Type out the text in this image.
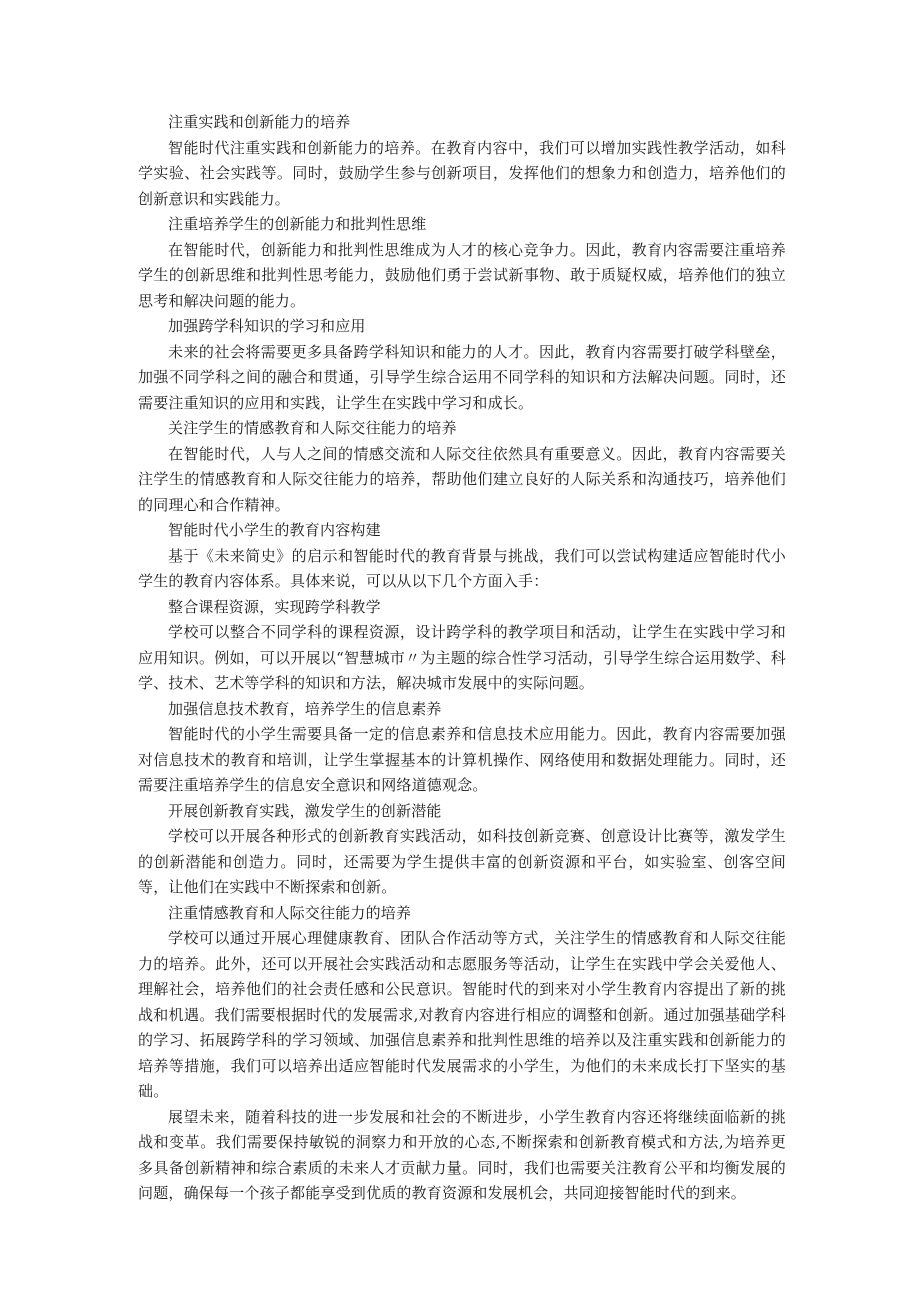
注重实践和创新能力的培养

智能时代注重实践和创新能力的培养。在教育内容中，我们可以增加实践性教学活动，如科学实验、社会实践等。同时，鼓励学生参与创新项目，发挥他们的想象力和创造力，培养他们的创新意识和实践能力。

注重培养学生的创新能力和批判性思维

在智能时代，创新能力和批判性思维成为人才的核心竞争力。因此，教育内容需要注重培养学生的创新思维和批判性思考能力，鼓励他们勇于尝试新事物、敢于质疑权威，培养他们的独立思考和解决问题的能力。

加强跨学科知识的学习和应用

未来的社会将需要更多具备跨学科知识和能力的人才。因此，教育内容需要打破学科壁垒，加强不同学科之间的融合和贯通，引导学生综合运用不同学科的知识和方法解决问题。同时，还需要注重知识的应用和实践，让学生在实践中学习和成长。

关注学生的情感教育和人际交往能力的培养

在智能时代，人与人之间的情感交流和人际交往依然具有重要意义。因此，教育内容需要关注学生的情感教育和人际交往能力的培养，帮助他们建立良好的人际关系和沟通技巧，培养他们的同理心和合作精神。

智能时代小学生的教育内容构建

基于《未来简史》的启示和智能时代的教育背景与挑战，我们可以尝试构建适应智能时代小学生的教育内容体系。具体来说，可以从以下几个方面入手：

整合课程资源，实现跨学科教学

学校可以整合不同学科的课程资源，设计跨学科的教学项目和活动，让学生在实践中学习和应用知识。例如，可以开展以“智慧城市〃为主题的综合性学习活动，引导学生综合运用数学、科学、技术、艺术等学科的知识和方法，解决城市发展中的实际问题。

加强信息技术教育，培养学生的信息素养

智能时代的小学生需要具备一定的信息素养和信息技术应用能力。因此，教育内容需要加强对信息技术的教育和培训，让学生掌握基本的计算机操作、网络使用和数据处理能力。同时，还需要注重培养学生的信息安全意识和网络道德观念。

开展创新教育实践，激发学生的创新潜能

学校可以开展各种形式的创新教育实践活动，如科技创新竞赛、创意设计比赛等，激发学生的创新潜能和创造力。同时，还需要为学生提供丰富的创新资源和平台，如实验室、创客空间等，让他们在实践中不断探索和创新。

注重情感教育和人际交往能力的培养

学校可以通过开展心理健康教育、团队合作活动等方式，关注学生的情感教育和人际交往能力的培养。此外，还可以开展社会实践活动和志愿服务等活动，让学生在实践中学会关爱他人、理解社会，培养他们的社会责任感和公民意识。智能时代的到来对小学生教育内容提出了新的挑战和机遇。我们需要根据时代的发展需求,对教育内容进行相应的调整和创新。通过加强基础学科的学习、拓展跨学科的学习领域、加强信息素养和批判性思维的培养以及注重实践和创新能力的培养等措施，我们可以培养出适应智能时代发展需求的小学生，为他们的未来成长打下坚实的基础。

展望未来，随着科技的进一步发展和社会的不断进步，小学生教育内容还将继续面临新的挑战和变革。我们需要保持敏锐的洞察力和开放的心态,不断探索和创新教育模式和方法,为培养更多具备创新精神和综合素质的未来人才贡献力量。同时，我们也需要关注教育公平和均衡发展的问题，确保每一个孩子都能享受到优质的教育资源和发展机会，共同迎接智能时代的到来。
